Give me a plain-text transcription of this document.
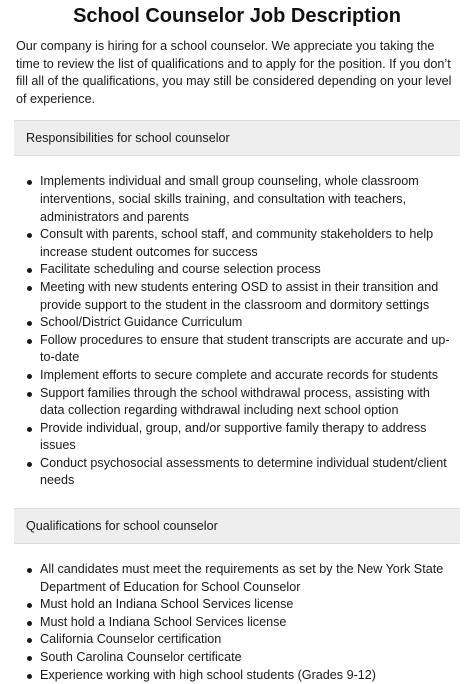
School Counselor Job Description

Our company is hiring for a school counselor. We appreciate you taking the time to review the list of qualifications and to apply for the position. If you don’t fill all of the qualifications, you may still be considered depending on your level of experience.

Responsibilities for school counselor
Implements individual and small group counseling, whole classroom interventions, social skills training, and consultation with teachers, administrators and parents
Consult with parents, school staff, and community stakeholders to help increase student outcomes for success
Facilitate scheduling and course selection process
Meeting with new students entering OSD to assist in their transition and provide support to the student in the classroom and dormitory settings
School/District Guidance Curriculum
Follow procedures to ensure that student transcripts are accurate and up-to-date
Implement efforts to secure complete and accurate records for students
Support families through the school withdrawal process, assisting with data collection regarding withdrawal including next school option
Provide individual, group, and/or supportive family therapy to address issues
Conduct psychosocial assessments to determine individual student/client needs
Qualifications for school counselor
All candidates must meet the requirements as set by the New York State Department of Education for School Counselor
Must hold an Indiana School Services license
Must hold a Indiana School Services license
California Counselor certification
South Carolina Counselor certificate
Experience working with high school students (Grades 9-12)
